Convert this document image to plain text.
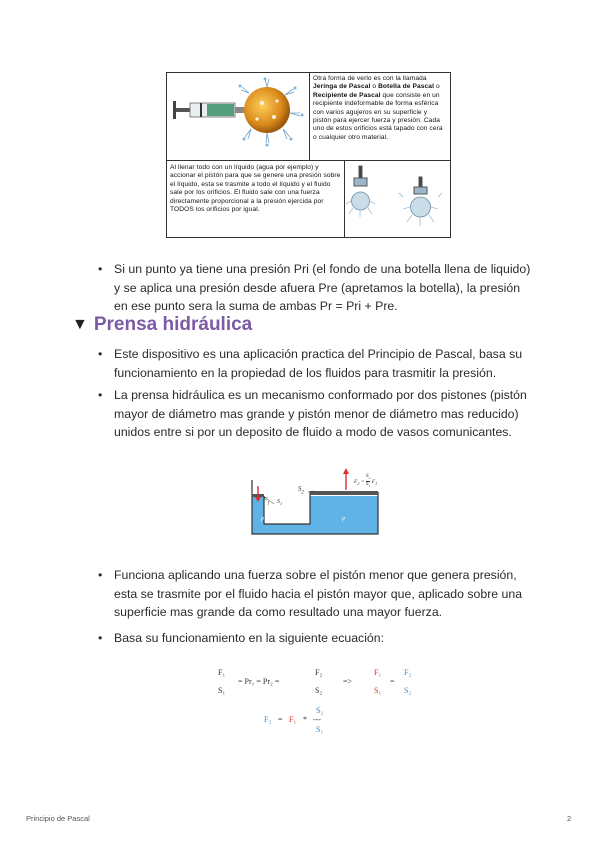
Otra forma de verlo es con la llamada Jeringa de Pascal o Botella de Pascal o Recipiente de Pascal que consiste en un recipiente indeformable de forma esférica con varios agujeros en su superficie y pistón para ejercer fuerza y presión. Cada uno de estos orificios está tapado con cera o cualquier otro material.
Al llenar todo con un líquido (agua por ejemplo) y accionar el pistón para que se genere una presión sobre el líquido, esta se trasmite a todo el líquido y el fluido sale por los orificios. El fluido sale con una fuerza directamente proporcional a la presión ejercida por TODOS los orificios por igual.
• Si un punto ya tiene una presión Pri (el fondo de una botella llena de liquido)
y se aplica una presión desde afuera Pre (apretamos la botella), la presión
en ese punto sera la suma de ambas Pr = Pri + Pre.
▼ Prensa hidráulica
• Este dispositivo es una aplicación practica del Principio de Pascal, basa su
funcionamiento en la propiedad de los fluidos para trasmitir la presión.
• La prensa hidráulica es un mecanismo conformado por dos pistones (pistón
mayor de diámetro mas grande y pistón menor de diámetro mas reducido)
unidos entre si por un deposito de fluido a modo de vasos comunicantes.
$F_1$ $S_1$
$S_2$
p	p
$F_2 = S_2$
$S_1$ $F_1$
• Funciona aplicando una fuerza sobre el pistón menor que genera presión,
esta se trasmite por el fluido hacia el pistón mayor que, aplicado sobre una
superficie mas grande da como resultado una mayor fuerza.
• Basa su funcionamiento en la siguiente ecuación:
F₁
S₁
= Pr₁ = Pr₂ =
F₂
S₂
=>
F₁
S₁
=
F₂
S₂
F₂ = F₁ *
S₂
---
S₁
Principio de Pascal	2
